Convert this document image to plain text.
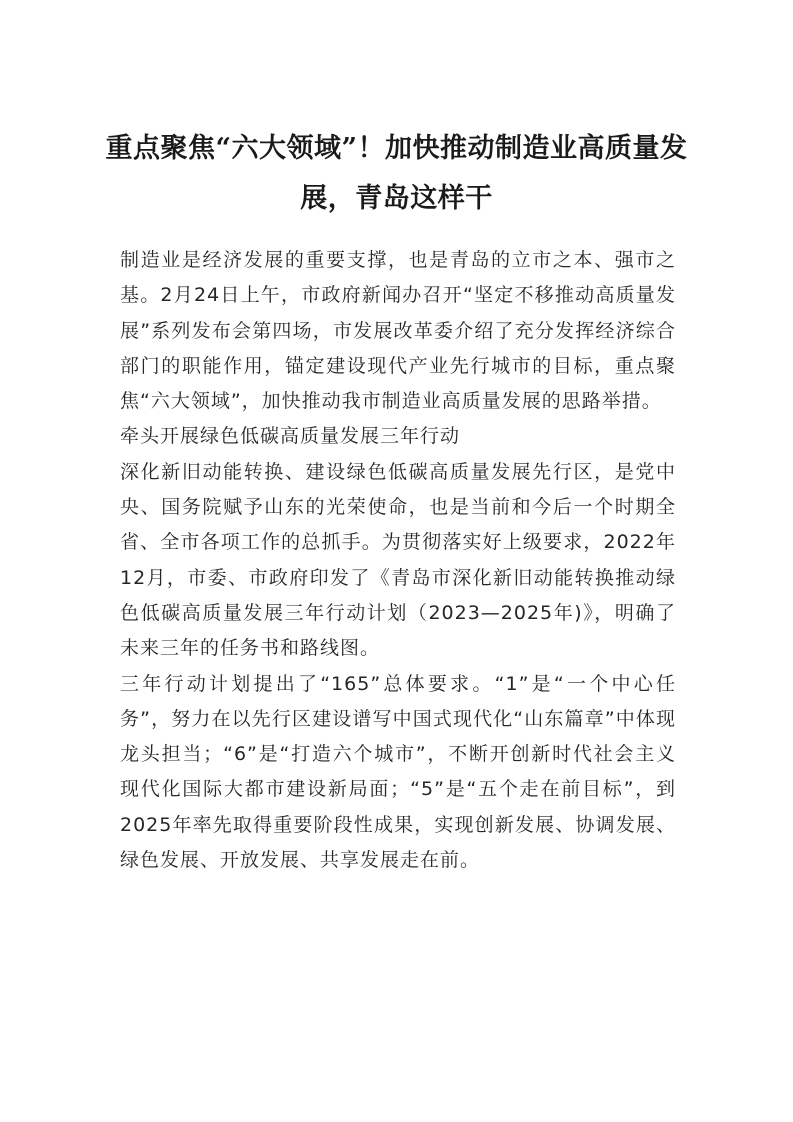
重点聚焦“六大领域”！加快推动制造业高质量发展，青岛这样干

制造业是经济发展的重要支撑，也是青岛的立市之本、强市之基。2月24日上午，市政府新闻办召开“坚定不移推动高质量发展”系列发布会第四场，市发展改革委介绍了充分发挥经济综合部门的职能作用，锚定建设现代产业先行城市的目标，重点聚焦“六大领域”，加快推动我市制造业高质量发展的思路举措。

牵头开展绿色低碳高质量发展三年行动

深化新旧动能转换、建设绿色低碳高质量发展先行区，是党中央、国务院赋予山东的光荣使命，也是当前和今后一个时期全省、全市各项工作的总抓手。为贯彻落实好上级要求，2022年12月，市委、市政府印发了《青岛市深化新旧动能转换推动绿色低碳高质量发展三年行动计划（2023—2025年)》，明确了未来三年的任务书和路线图。

三年行动计划提出了“165”总体要求。“1”是“一个中心任务”，努力在以先行区建设谱写中国式现代化“山东篇章”中体现龙头担当；“6”是“打造六个城市”，不断开创新时代社会主义现代化国际大都市建设新局面；“5”是“五个走在前目标”，到2025年率先取得重要阶段性成果，实现创新发展、协调发展、绿色发展、开放发展、共享发展走在前。
